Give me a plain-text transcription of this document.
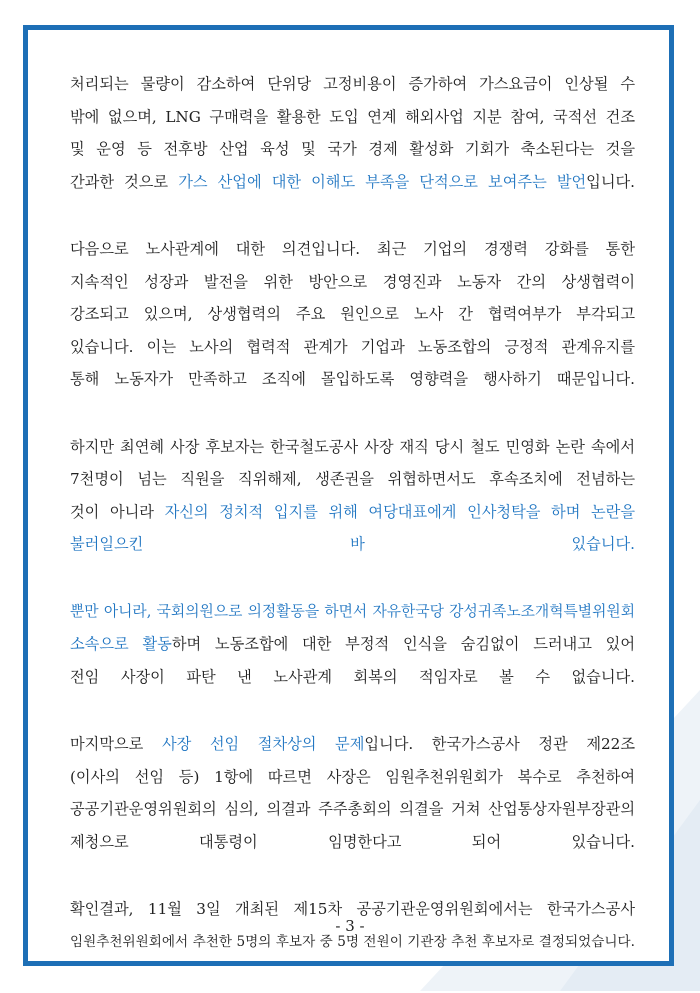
처리되는 물량이 감소하여 단위당 고정비용이 증가하여 가스요금이 인상될 수
밖에 없으며, LNG 구매력을 활용한 도입 연계 해외사업 지분 참여, 국적선 건조
및 운영 등 전후방 산업 육성 및 국가 경제 활성화 기회가 축소된다는 것을
간과한 것으로 가스 산업에 대한 이해도 부족을 단적으로 보여주는 발언입니다.

다음으로 노사관계에 대한 의견입니다. 최근 기업의 경쟁력 강화를 통한
지속적인 성장과 발전을 위한 방안으로 경영진과 노동자 간의 상생협력이
강조되고 있으며, 상생협력의 주요 원인으로 노사 간 협력여부가 부각되고
있습니다. 이는 노사의 협력적 관계가 기업과 노동조합의 긍정적 관계유지를
통해 노동자가 만족하고 조직에 몰입하도록 영향력을 행사하기 때문입니다.

하지만 최연혜 사장 후보자는 한국철도공사 사장 재직 당시 철도 민영화 논란 속에서
7천명이 넘는 직원을 직위해제, 생존권을 위협하면서도 후속조치에 전념하는
것이 아니라 자신의 정치적 입지를 위해 여당대표에게 인사청탁을 하며 논란을
불러일으킨 바 있습니다.

뿐만 아니라, 국회의원으로 의정활동을 하면서 자유한국당 강성귀족노조개혁특별위원회
소속으로 활동하며 노동조합에 대한 부정적 인식을 숨김없이 드러내고 있어
전임 사장이 파탄 낸 노사관계 회복의 적임자로 볼 수 없습니다.

마지막으로 사장 선임 절차상의 문제입니다. 한국가스공사 정관 제22조
(이사의 선임 등) 1항에 따르면 사장은 임원추천위원회가 복수로 추천하여
공공기관운영위원회의 심의, 의결과 주주총회의 의결을 거쳐 산업통상자원부장관의
제청으로 대통령이 임명한다고 되어 있습니다.

확인결과, 11월 3일 개최된 제15차 공공기관운영위원회에서는 한국가스공사
임원추천위원회에서 추천한 5명의 후보자 중 5명 전원이 기관장 추천 후보자로 결정되었습니다.

- 3 -
